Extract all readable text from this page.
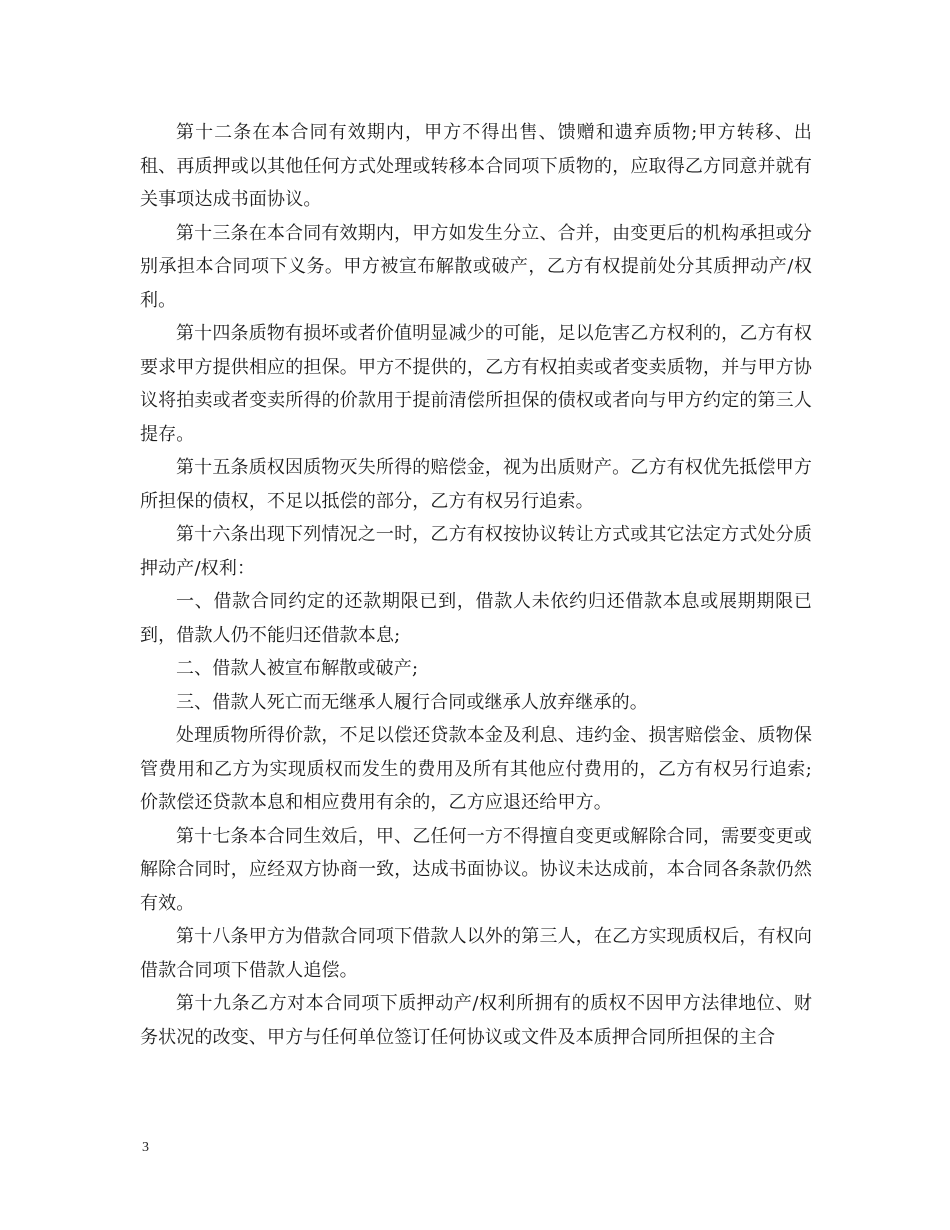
第十二条在本合同有效期内，甲方不得出售、馈赠和遗弃质物;甲方转移、出租、再质押或以其他任何方式处理或转移本合同项下质物的，应取得乙方同意并就有关事项达成书面协议。

第十三条在本合同有效期内，甲方如发生分立、合并，由变更后的机构承担或分别承担本合同项下义务。甲方被宣布解散或破产，乙方有权提前处分其质押动产/权利。

第十四条质物有损坏或者价值明显减少的可能，足以危害乙方权利的，乙方有权要求甲方提供相应的担保。甲方不提供的，乙方有权拍卖或者变卖质物，并与甲方协议将拍卖或者变卖所得的价款用于提前清偿所担保的债权或者向与甲方约定的第三人提存。

第十五条质权因质物灭失所得的赔偿金，视为出质财产。乙方有权优先抵偿甲方所担保的债权，不足以抵偿的部分，乙方有权另行追索。

第十六条出现下列情况之一时，乙方有权按协议转让方式或其它法定方式处分质押动产/权利：

一、借款合同约定的还款期限已到，借款人未依约归还借款本息或展期期限已到，借款人仍不能归还借款本息;

二、借款人被宣布解散或破产;

三、借款人死亡而无继承人履行合同或继承人放弃继承的。

处理质物所得价款，不足以偿还贷款本金及利息、违约金、损害赔偿金、质物保管费用和乙方为实现质权而发生的费用及所有其他应付费用的，乙方有权另行追索;价款偿还贷款本息和相应费用有余的，乙方应退还给甲方。

第十七条本合同生效后，甲、乙任何一方不得擅自变更或解除合同，需要变更或解除合同时，应经双方协商一致，达成书面协议。协议未达成前，本合同各条款仍然有效。

第十八条甲方为借款合同项下借款人以外的第三人，在乙方实现质权后，有权向借款合同项下借款人追偿。

第十九条乙方对本合同项下质押动产/权利所拥有的质权不因甲方法律地位、财务状况的改变、甲方与任何单位签订任何协议或文件及本质押合同所担保的主合

3
